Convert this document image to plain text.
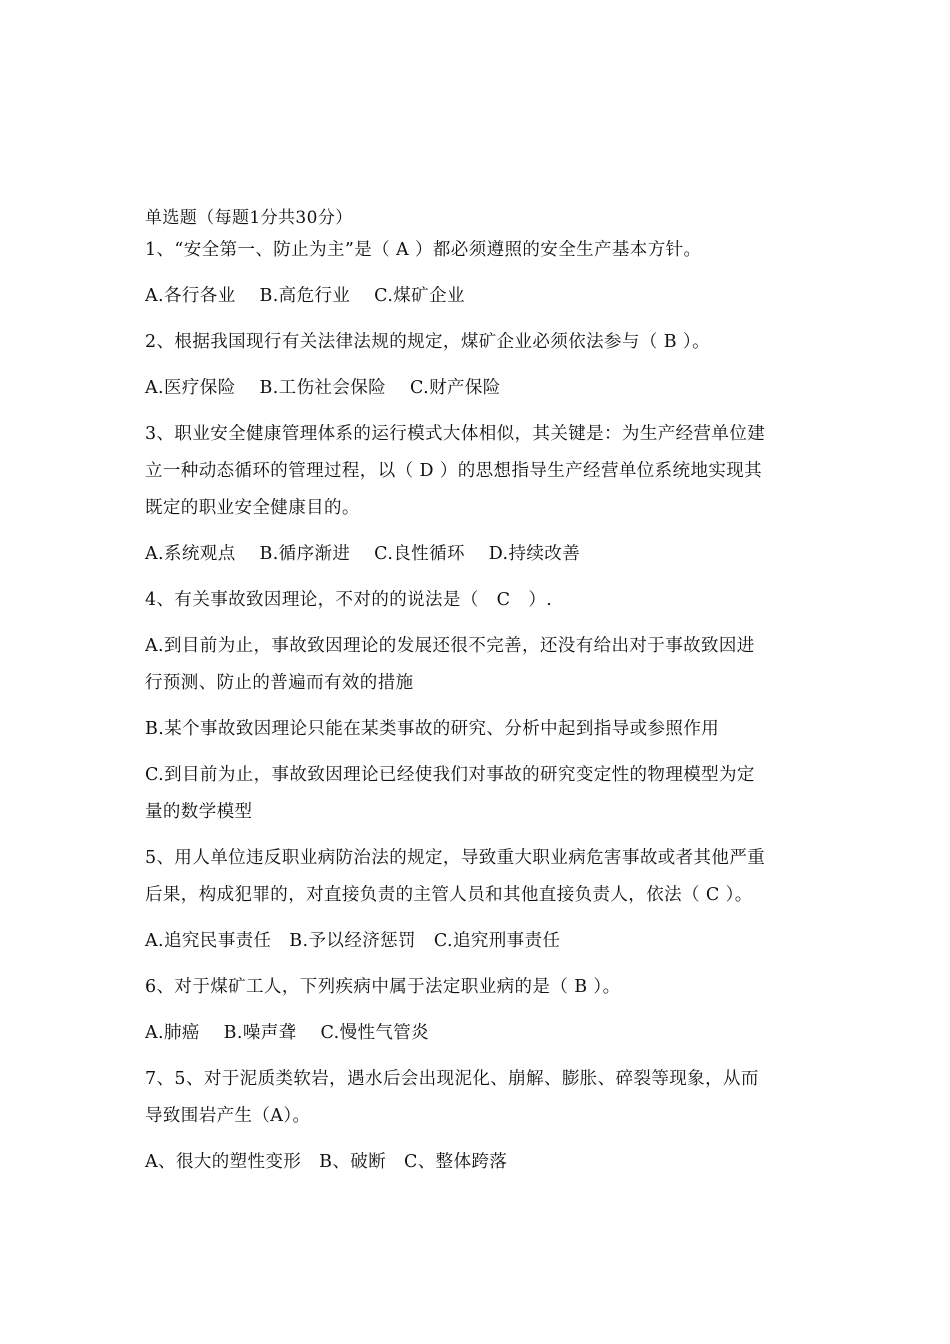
单选题（每题1分共30分）

1、“安全第一、防止为主”是（ A ）都必须遵照的安全生产基本方针。

A.各行各业　 B.高危行业　 C.煤矿企业

2、根据我国现行有关法律法规的规定，煤矿企业必须依法参与（ B ）。

A.医疗保险　 B.工伤社会保险　 C.财产保险

3、职业安全健康管理体系的运行模式大体相似，其关键是：为生产经营单位建

立一种动态循环的管理过程，以（ D ）的思想指导生产经营单位系统地实现其

既定的职业安全健康目的。

A.系统观点　 B.循序渐进　 C.良性循环　 D.持续改善

4、有关事故致因理论，不对的的说法是（　C　）.

A.到目前为止，事故致因理论的发展还很不完善，还没有给出对于事故致因进

行预测、防止的普遍而有效的措施

B.某个事故致因理论只能在某类事故的研究、分析中起到指导或参照作用

C.到目前为止，事故致因理论已经使我们对事故的研究变定性的物理模型为定

量的数学模型

5、用人单位违反职业病防治法的规定，导致重大职业病危害事故或者其他严重

后果，构成犯罪的，对直接负责的主管人员和其他直接负责人，依法（ C ）。

A.追究民事责任　B.予以经济惩罚　C.追究刑事责任

6、对于煤矿工人，下列疾病中属于法定职业病的是（ B ）。

A.肺癌　 B.噪声聋　 C.慢性气管炎

7、5、对于泥质类软岩，遇水后会出现泥化、崩解、膨胀、碎裂等现象，从而

导致围岩产生（A）。

A、很大的塑性变形　B、破断　C、整体跨落
